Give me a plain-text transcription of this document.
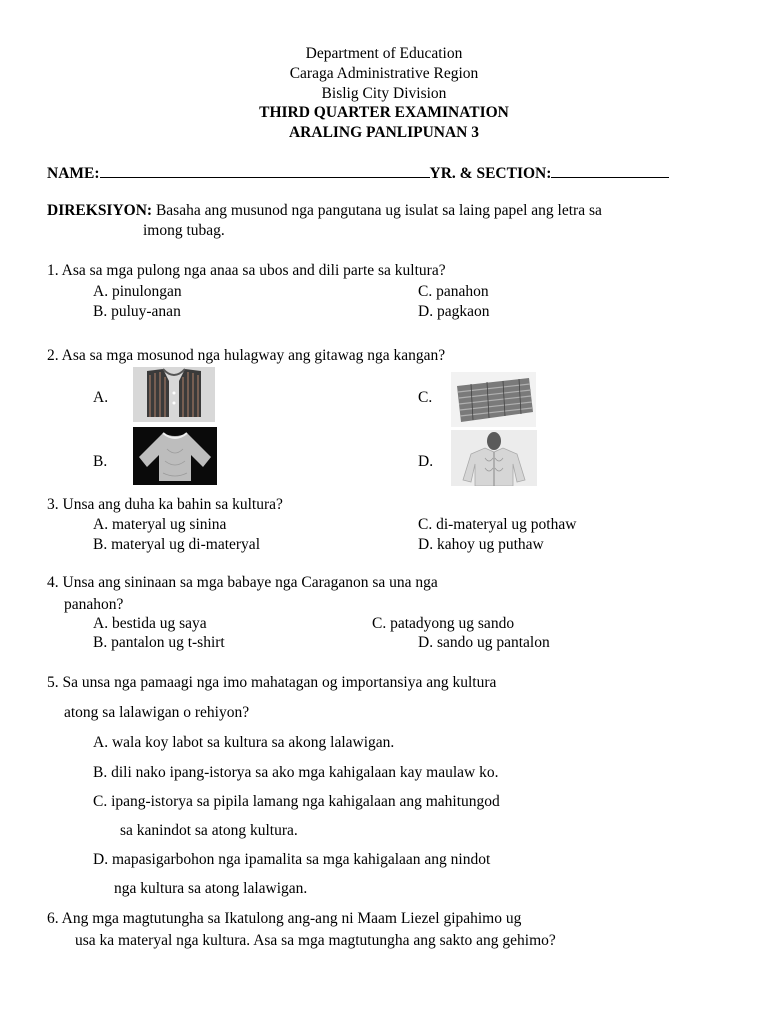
Department of Education
Caraga Administrative Region
Bislig City Division
THIRD QUARTER EXAMINATION
ARALING PANLIPUNAN 3
NAME:	YR. & SECTION:
DIREKSIYON: Basaha ang musunod nga pangutana ug isulat sa laing papel ang letra sa
imong tubag.
1. Asa sa mga pulong nga anaa sa ubos and dili parte sa kultura?
A. pinulongan
B. puluy-anan
C. panahon
D. pagkaon
2. Asa sa mga mosunod nga hulagway ang gitawag nga kangan?
A.
B.
C.
D.
3. Unsa ang duha ka bahin sa kultura?
A. materyal ug sinina
B. materyal ug di-materyal
C. di-materyal ug pothaw
D. kahoy ug puthaw
4. Unsa ang sininaan sa mga babaye nga Caraganon sa una nga
panahon?
A. bestida ug saya
B. pantalon ug t-shirt
C. patadyong ug sando
D. sando ug pantalon
5. Sa unsa nga pamaagi nga imo mahatagan og importansiya ang kultura
atong sa lalawigan o rehiyon?
A. wala koy labot sa kultura sa akong lalawigan.
B. dili nako ipang-istorya sa ako mga kahigalaan kay maulaw ko.
C. ipang-istorya sa pipila lamang nga kahigalaan ang mahitungod
sa kanindot sa atong kultura.
D. mapasigarbohon nga ipamalita sa mga kahigalaan ang nindot
nga kultura sa atong lalawigan.
6. Ang mga magtutungha sa Ikatulong ang-ang ni Maam Liezel gipahimo ug
usa ka materyal nga kultura. Asa sa mga magtutungha ang sakto ang gehimo?
